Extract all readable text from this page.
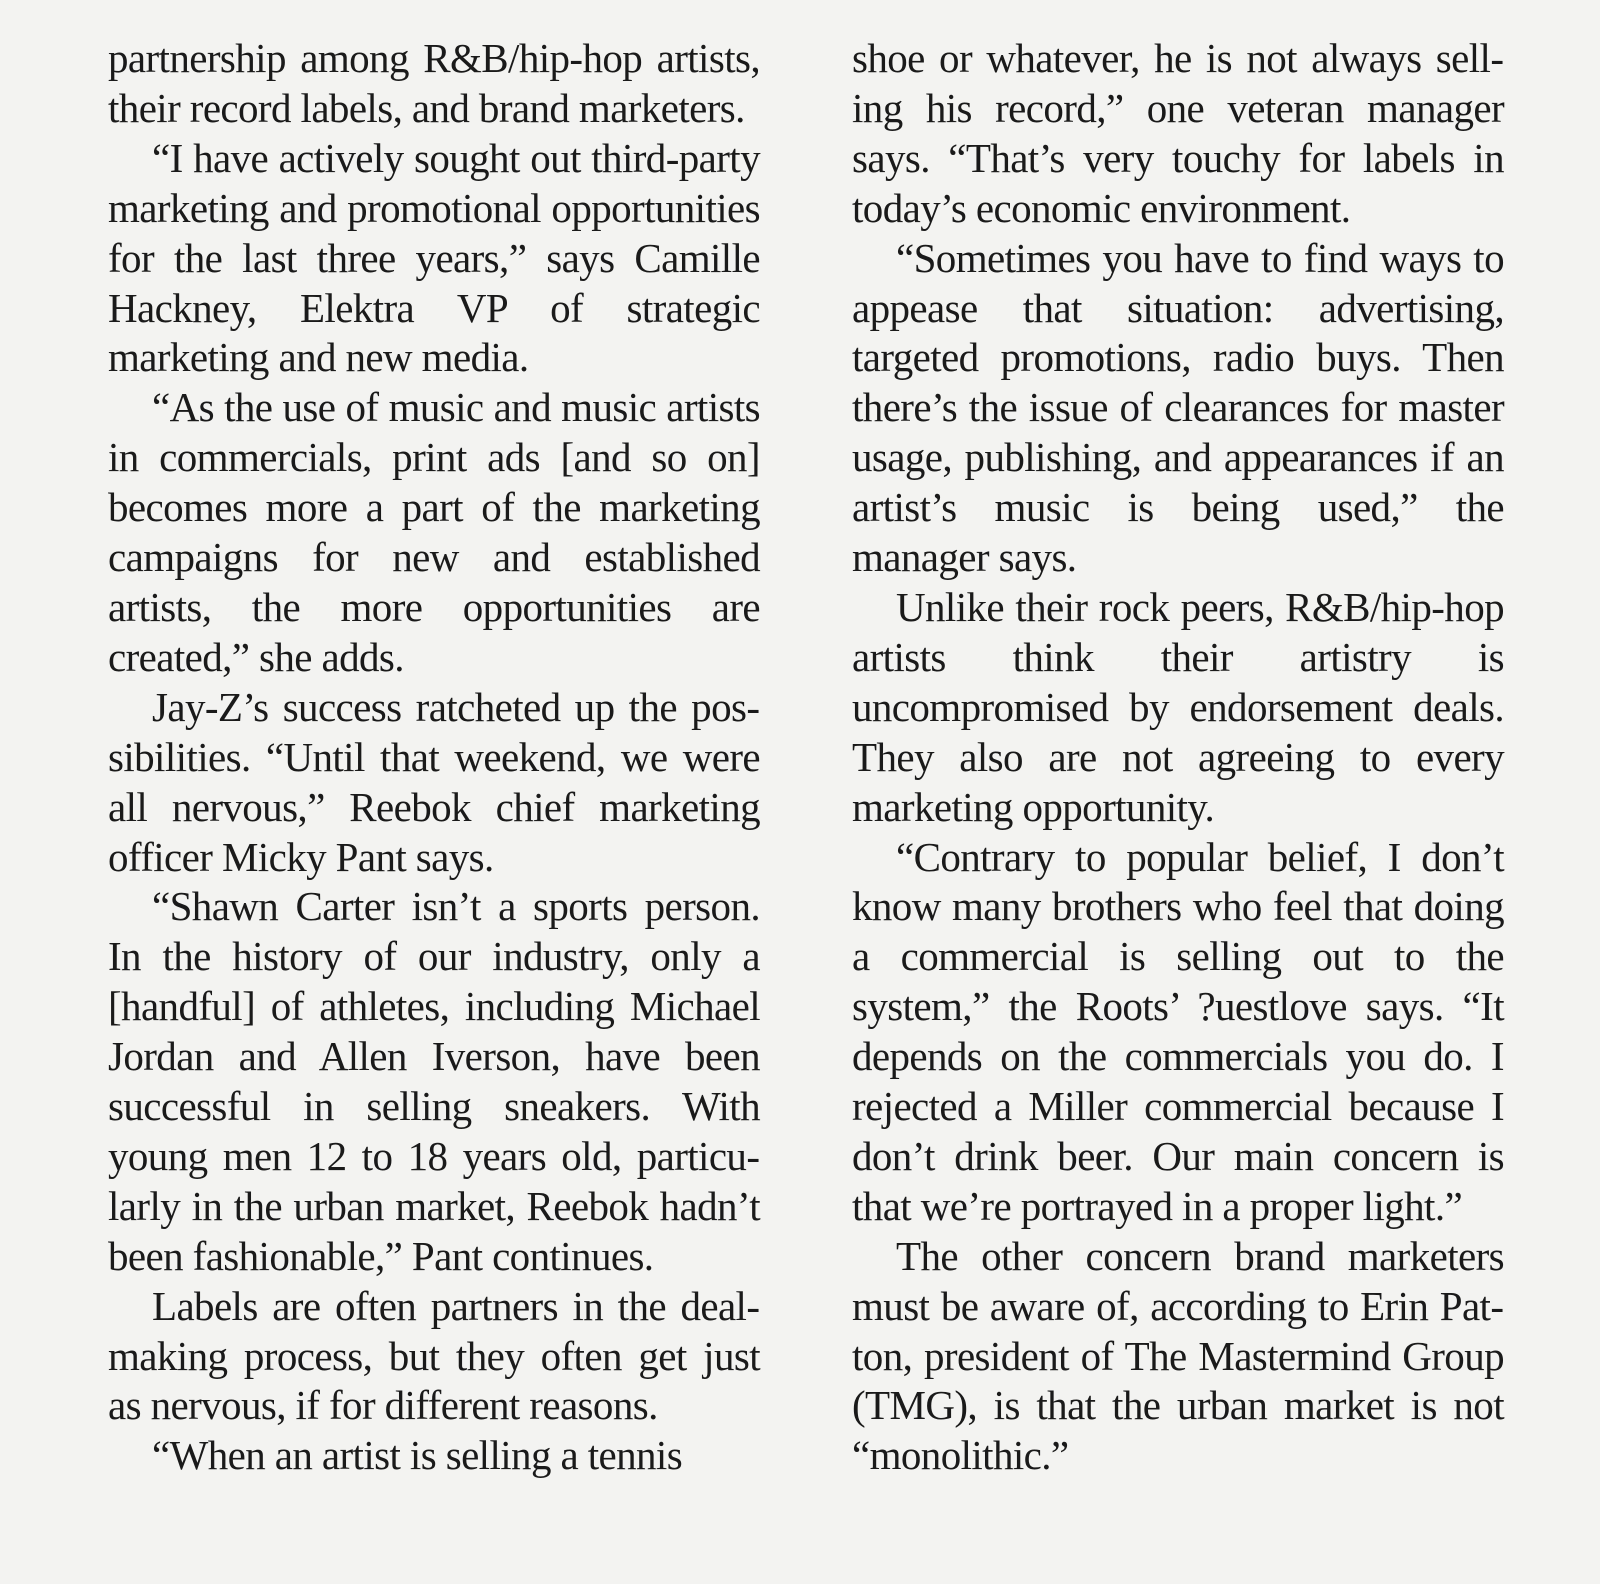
partnership among R&B/hip-hop artists, their record labels, and brand marketers.

“I have actively sought out third-party marketing and promotional opportunities for the last three years,” says Camille Hackney, Elektra VP of strategic marketing and new media.

“As the use of music and music artists in commercials, print ads [and so on] becomes more a part of the marketing campaigns for new and established artists, the more opportunities are created,” she adds.

Jay-Z’s success ratcheted up the possibilities. “Until that weekend, we were all nervous,” Reebok chief marketing officer Micky Pant says.

“Shawn Carter isn’t a sports person. In the history of our industry, only a [handful] of athletes, including Michael Jordan and Allen Iverson, have been successful in selling sneakers. With young men 12 to 18 years old, particularly in the urban market, Reebok hadn’t been fashionable,” Pant continues.

Labels are often partners in the dealmaking process, but they often get just as nervous, if for different reasons.

“When an artist is selling a tennis

shoe or whatever, he is not always selling his record,” one veteran manager says. “That’s very touchy for labels in today’s economic environment.

“Sometimes you have to find ways to appease that situation: advertising, targeted promotions, radio buys. Then there’s the issue of clearances for master usage, publishing, and appearances if an artist’s music is being used,” the manager says.

Unlike their rock peers, R&B/hip-hop artists think their artistry is uncompromised by endorsement deals. They also are not agreeing to every marketing opportunity.

“Contrary to popular belief, I don’t know many brothers who feel that doing a commercial is selling out to the system,” the Roots’ ?uestlove says. “It depends on the commercials you do. I rejected a Miller commercial because I don’t drink beer. Our main concern is that we’re portrayed in a proper light.”

The other concern brand marketers must be aware of, according to Erin Patton, president of The Mastermind Group (TMG), is that the urban market is not “monolithic.”
